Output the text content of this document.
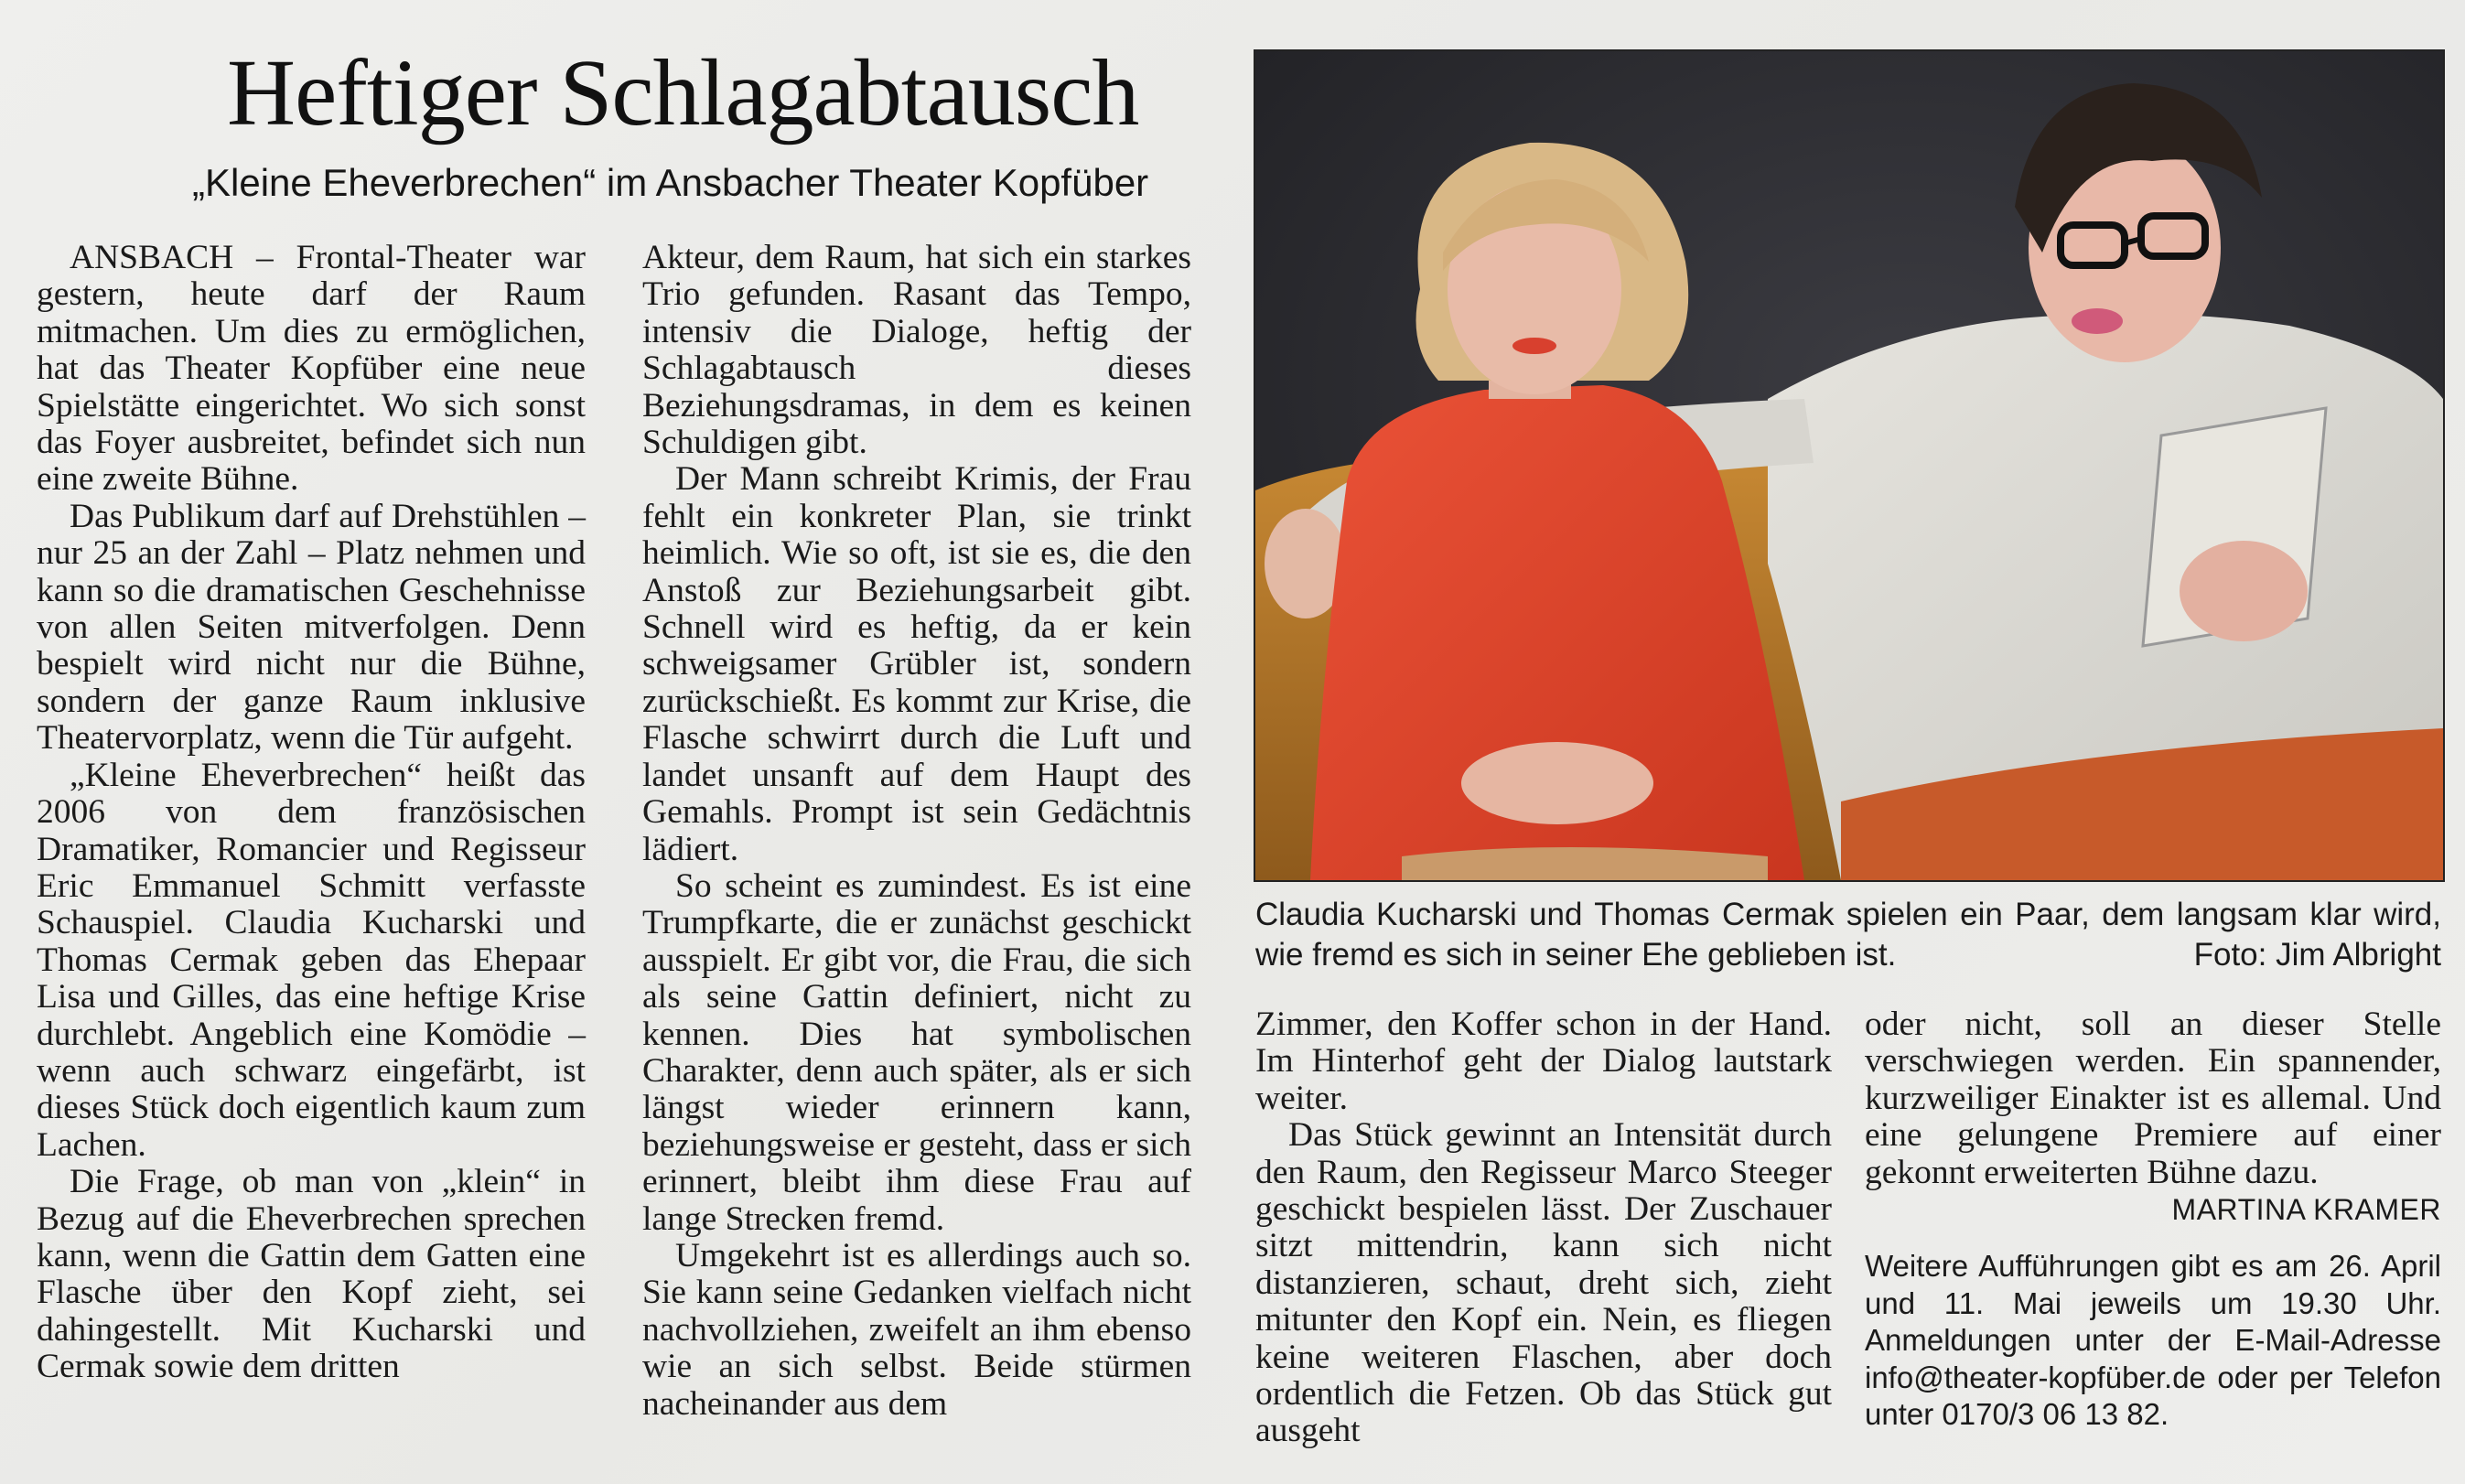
Heftiger Schlagabtausch
„Kleine Eheverbrechen“ im Ansbacher Theater Kopfüber

ANSBACH – Frontal-Theater war gestern, heute darf der Raum mitmachen. Um dies zu ermöglichen, hat das Theater Kopfüber eine neue Spielstätte eingerichtet. Wo sich sonst das Foyer ausbreitet, befindet sich nun eine zweite Bühne.

Das Publikum darf auf Drehstühlen – nur 25 an der Zahl – Platz nehmen und kann so die dramatischen Geschehnisse von allen Seiten mitverfolgen. Denn bespielt wird nicht nur die Bühne, sondern der ganze Raum inklusive Theatervorplatz, wenn die Tür aufgeht.

„Kleine Eheverbrechen“ heißt das 2006 von dem französischen Dramatiker, Romancier und Regisseur Eric Emmanuel Schmitt verfasste Schauspiel. Claudia Kucharski und Thomas Cermak geben das Ehepaar Lisa und Gilles, das eine heftige Krise durchlebt. Angeblich eine Komödie – wenn auch schwarz eingefärbt, ist dieses Stück doch eigentlich kaum zum Lachen.

Die Frage, ob man von „klein“ in Bezug auf die Eheverbrechen sprechen kann, wenn die Gattin dem Gatten eine Flasche über den Kopf zieht, sei dahingestellt. Mit Kucharski und Cermak sowie dem dritten

Akteur, dem Raum, hat sich ein starkes Trio gefunden. Rasant das Tempo, intensiv die Dialoge, heftig der Schlagabtausch dieses Beziehungsdramas, in dem es keinen Schuldigen gibt.

Der Mann schreibt Krimis, der Frau fehlt ein konkreter Plan, sie trinkt heimlich. Wie so oft, ist sie es, die den Anstoß zur Beziehungsarbeit gibt. Schnell wird es heftig, da er kein schweigsamer Grübler ist, sondern zurückschießt. Es kommt zur Krise, die Flasche schwirrt durch die Luft und landet unsanft auf dem Haupt des Gemahls. Prompt ist sein Gedächtnis lädiert.

So scheint es zumindest. Es ist eine Trumpfkarte, die er zunächst geschickt ausspielt. Er gibt vor, die Frau, die sich als seine Gattin definiert, nicht zu kennen. Dies hat symbolischen Charakter, denn auch später, als er sich längst wieder erinnern kann, beziehungsweise er gesteht, dass er sich erinnert, bleibt ihm diese Frau auf lange Strecken fremd.

Umgekehrt ist es allerdings auch so. Sie kann seine Gedanken vielfach nicht nachvollziehen, zweifelt an ihm ebenso wie an sich selbst. Beide stürmen nacheinander aus dem

Claudia Kucharski und Thomas Cermak spielen ein Paar, dem langsam klar wird, wie fremd es sich in seiner Ehe geblieben ist.	Foto: Jim Albright

Zimmer, den Koffer schon in der Hand. Im Hinterhof geht der Dialog lautstark weiter.

Das Stück gewinnt an Intensität durch den Raum, den Regisseur Marco Steeger geschickt bespielen lässt. Der Zuschauer sitzt mittendrin, kann sich nicht distanzieren, schaut, dreht sich, zieht mitunter den Kopf ein. Nein, es fliegen keine weiteren Flaschen, aber doch ordentlich die Fetzen. Ob das Stück gut ausgeht

oder nicht, soll an dieser Stelle verschwiegen werden. Ein spannender, kurzweiliger Einakter ist es allemal. Und eine gelungene Premiere auf einer gekonnt erweiterten Bühne dazu.

MARTINA KRAMER
Weitere Aufführungen gibt es am 26. April und 11. Mai jeweils um 19.30 Uhr. Anmeldungen unter der E-Mail-Adresse info@theater-kopfüber.de oder per Telefon unter 0170/3 06 13 82.
